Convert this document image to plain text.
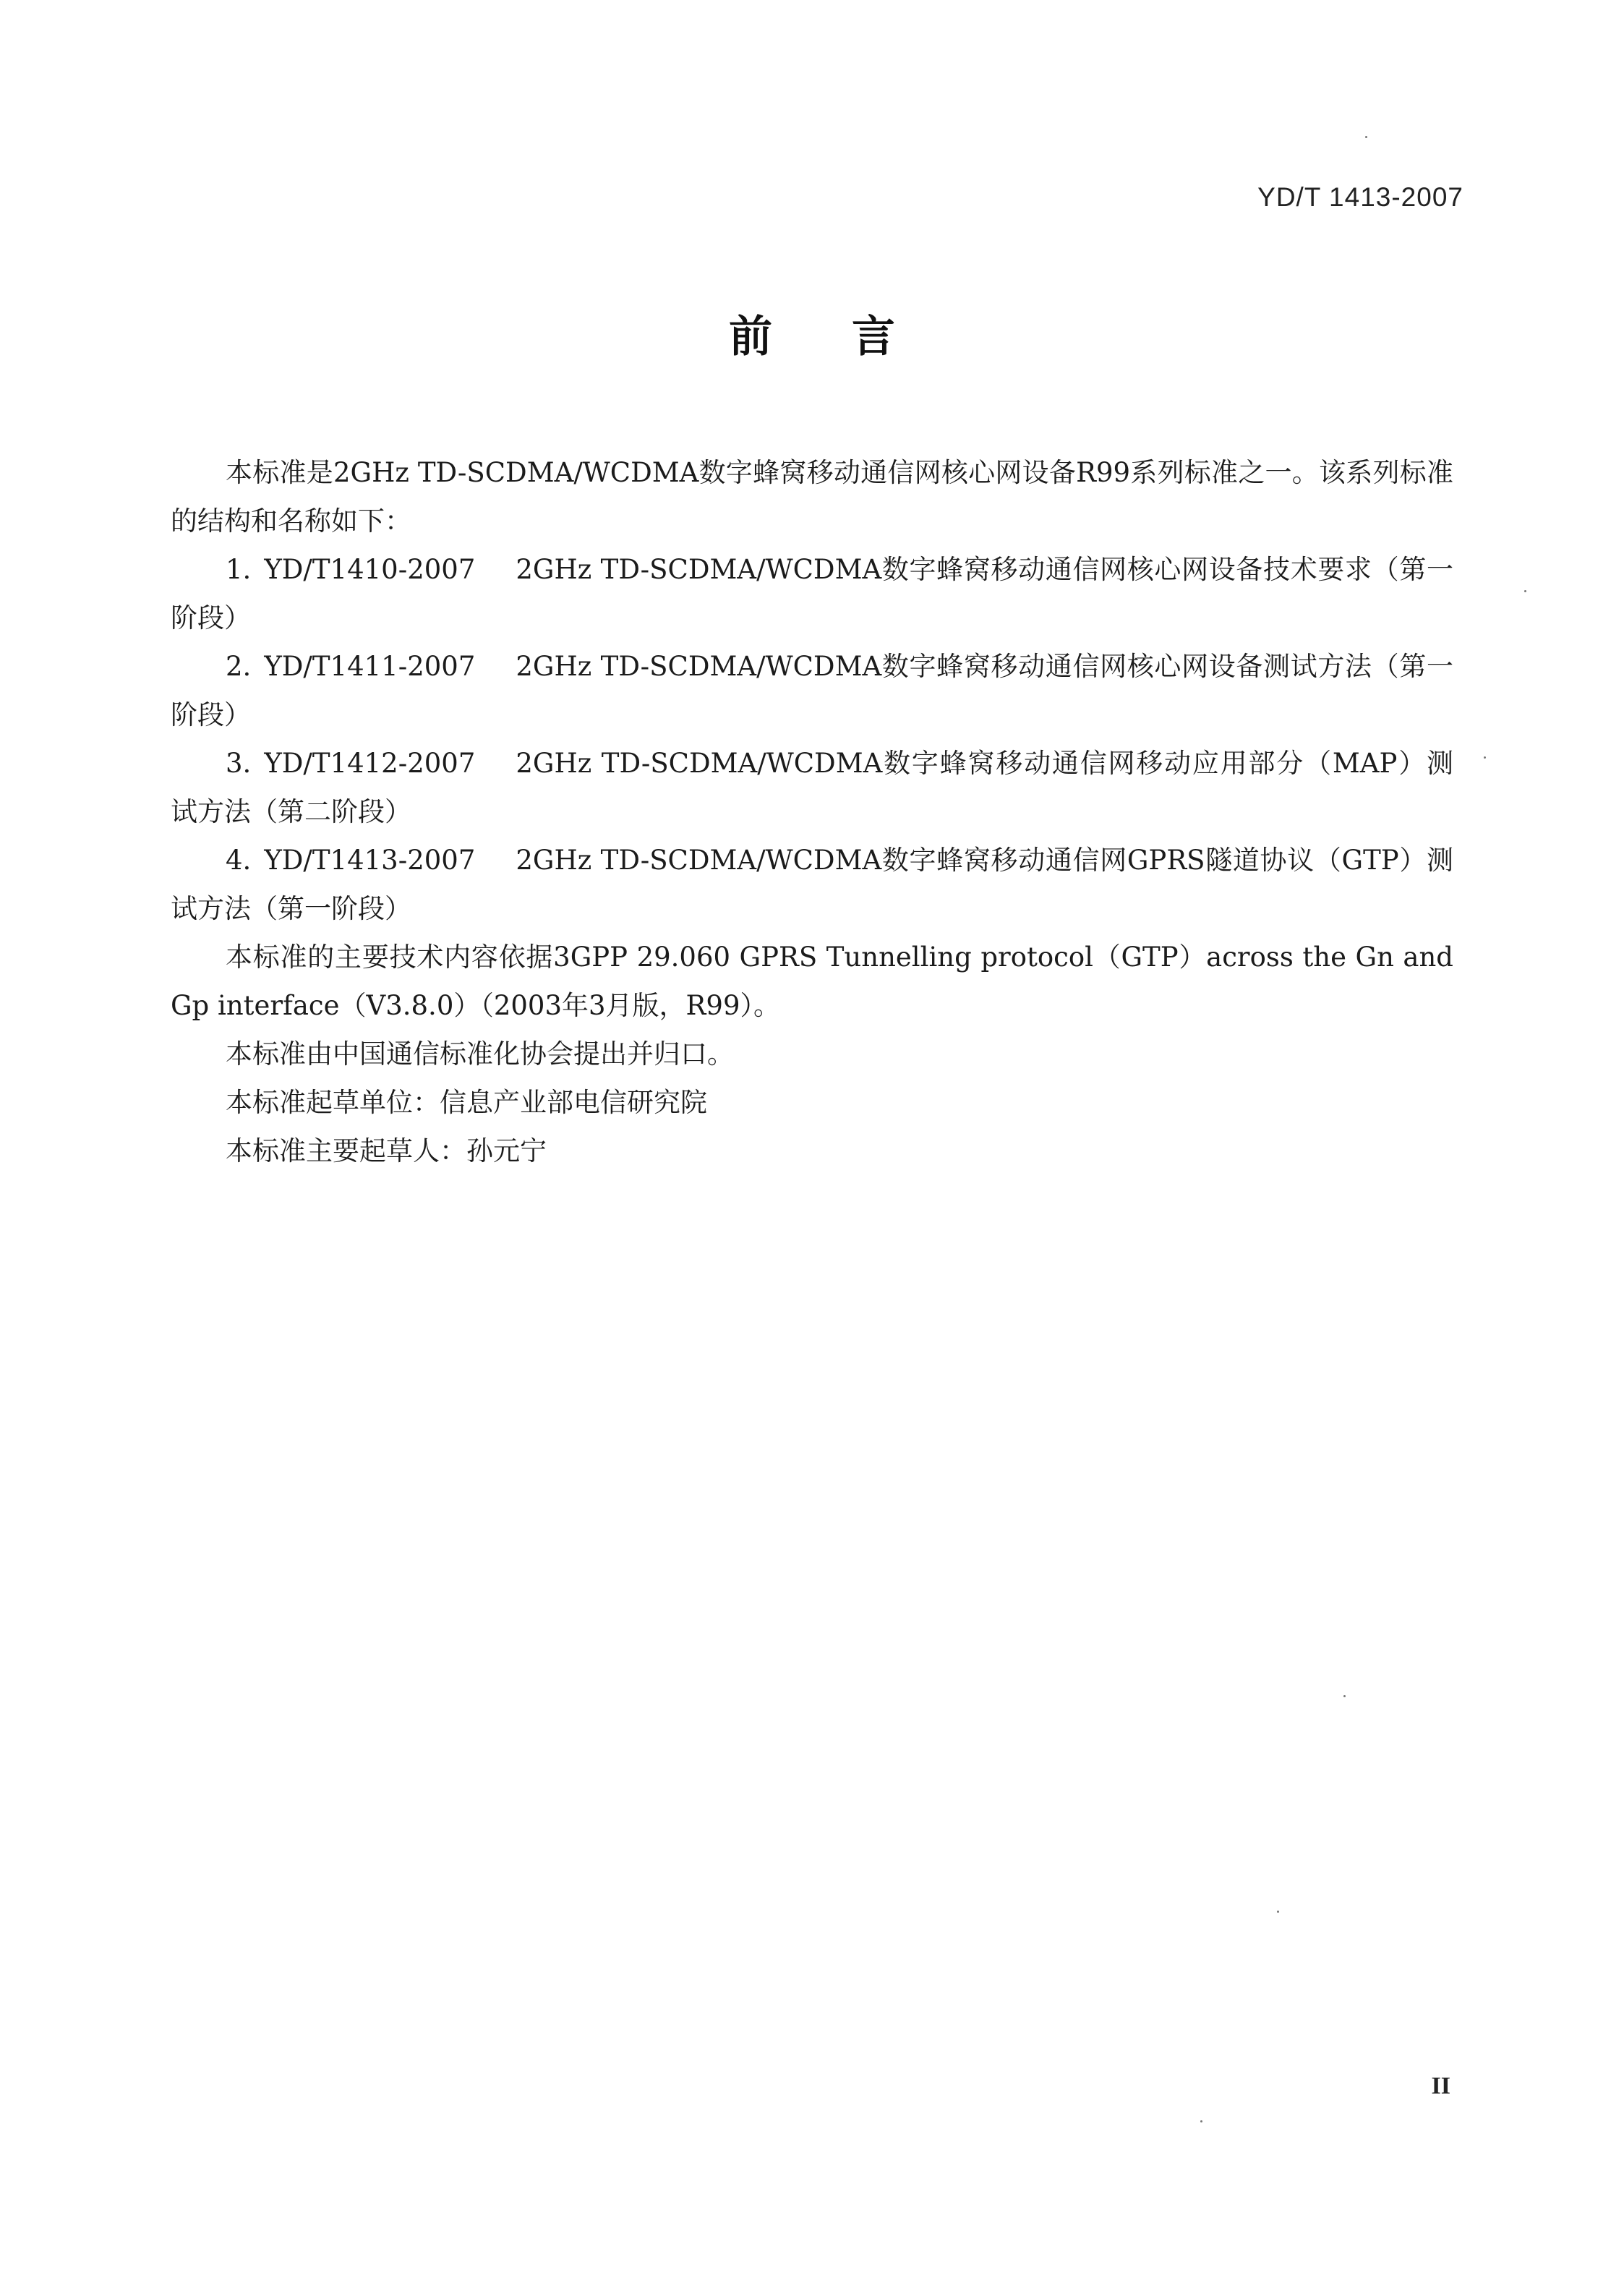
YD/T 1413-2007
前言

本标准是2GHz TD-SCDMA/WCDMA数字蜂窝移动通信网核心网设备R99系列标准之一。该系列标准的结构和名称如下：

1. YD/T1410-2007 2GHz TD-SCDMA/WCDMA数字蜂窝移动通信网核心网设备技术要求（第一阶段）

2. YD/T1411-2007 2GHz TD-SCDMA/WCDMA数字蜂窝移动通信网核心网设备测试方法（第一阶段）

3. YD/T1412-2007 2GHz TD-SCDMA/WCDMA数字蜂窝移动通信网移动应用部分（MAP）测试方法（第二阶段）

4. YD/T1413-2007 2GHz TD-SCDMA/WCDMA数字蜂窝移动通信网GPRS隧道协议（GTP）测试方法（第一阶段）

本标准的主要技术内容依据3GPP 29.060 GPRS Tunnelling protocol（GTP）across the Gn and Gp interface（V3.8.0）（2003年3月版，R99）。

本标准由中国通信标准化协会提出并归口。

本标准起草单位：信息产业部电信研究院

本标准主要起草人：孙元宁

II
